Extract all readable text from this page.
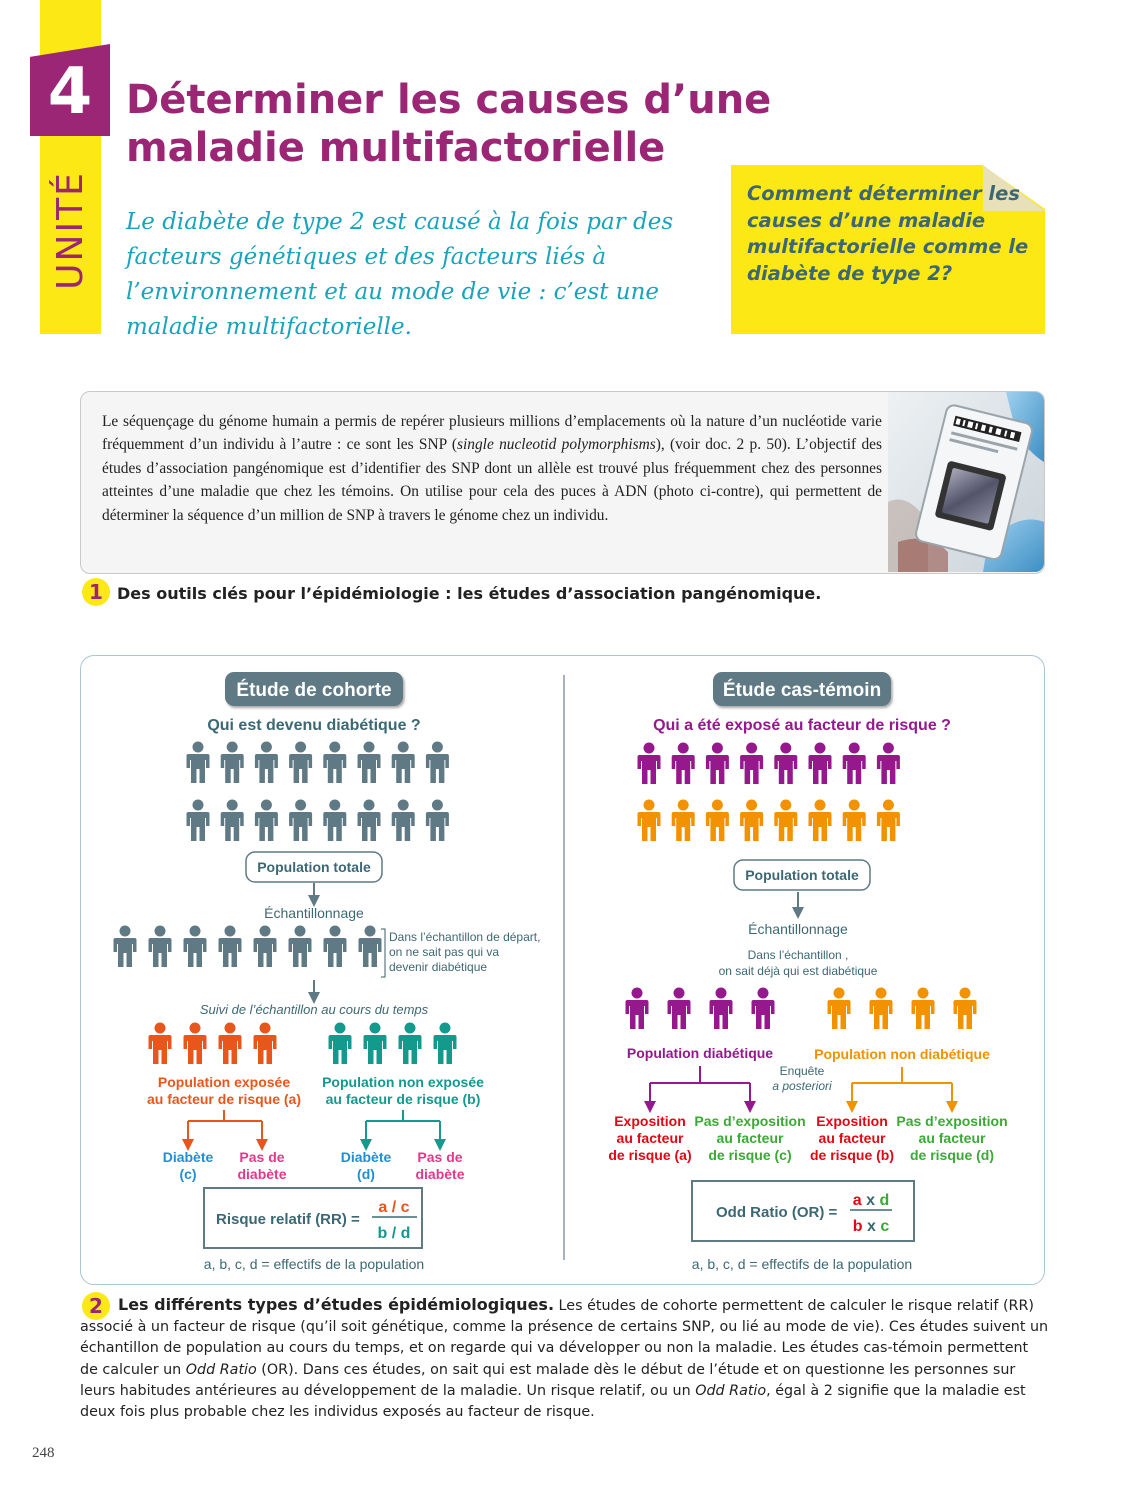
4
UNITÉ
Déterminer les causes d’une
maladie multifactorielle

Le diabète de type 2 est causé à la fois par des facteurs génétiques et des facteurs liés à l’environnement et au mode de vie : c’est une maladie multifactorielle.

Comment déterminer les causes d’une maladie multifactorielle comme le diabète de type 2?

Le séquençage du génome humain a permis de repérer plusieurs millions d’emplacements où la nature d’un nucléotide varie fréquemment d’un individu à l’autre : ce sont les SNP (single nucleotid polymorphisms), (voir doc. 2 p. 50). L’objectif des études d’association pangénomique est d’identifier des SNP dont un allèle est trouvé plus fréquemment chez des personnes atteintes d’une maladie que chez les témoins. On utilise pour cela des puces à ADN (photo ci-contre), qui permettent de déterminer la séquence d’un million de SNP à travers le génome chez un individu.

1 Des outils clés pour l’épidémiologie : les études d’association pangénomique.

Étude de cohorte
Qui est devenu diabétique ?
Population totale
Échantillonnage
Dans l’échantillon de départ,
on ne sait pas qui va
devenir diabétique
Suivi de l’échantillon au cours du temps
Population exposée
au facteur de risque (a)
Population non exposée
au facteur de risque (b)
Diabète
(c)
Pas de
diabète
Diabète
(d)
Pas de
diabète
Risque relatif (RR) =
a / c
b / d
a, b, c, d = effectifs de la population
Étude cas-témoin
Qui a été exposé au facteur de risque ?
Population totale
Échantillonnage
Dans l’échantillon ,
on sait déjà qui est diabétique
Population diabétique	Population non diabétique
Enquête
a posteriori
Exposition
au facteur
de risque (a)
Pas d’exposition
au facteur
de risque (c)
Exposition
au facteur
de risque (b)
Pas d’exposition
au facteur
de risque (d)
Odd Ratio (OR) =
a x d
b x c
a, b, c, d = effectifs de la population
2 Les différents types d’études épidémiologiques. Les études de cohorte permettent de calculer le risque relatif (RR) associé à un facteur de risque (qu’il soit génétique, comme la présence de certains SNP, ou lié au mode de vie). Ces études suivent un échantillon de population au cours du temps, et on regarde qui va développer ou non la maladie. Les études cas-témoin permettent de calculer un Odd Ratio (OR). Dans ces études, on sait qui est malade dès le début de l’étude et on questionne les personnes sur leurs habitudes antérieures au développement de la maladie. Un risque relatif, ou un Odd Ratio, égal à 2 signifie que la maladie est deux fois plus probable chez les individus exposés au facteur de risque.

248
